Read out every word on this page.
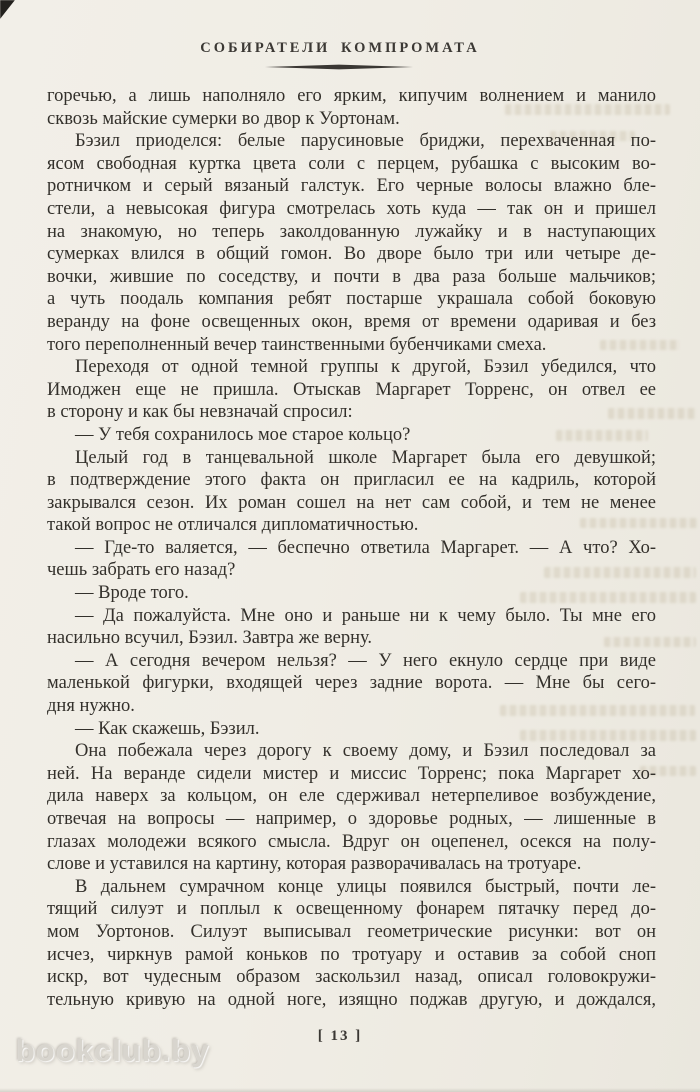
СОБИРАТЕЛИ КОМПРОМАТА
горечью, а лишь наполняло его ярким, кипучим волнением и манило
сквозь майские сумерки во двор к Уортонам.
Бэзил приоделся: белые парусиновые бриджи, перехваченная по-
ясом свободная куртка цвета соли с перцем, рубашка с высоким во-
ротничком и серый вязаный галстук. Его черные волосы влажно бле-
стели, а невысокая фигура смотрелась хоть куда — так он и пришел
на знакомую, но теперь заколдованную лужайку и в наступающих
сумерках влился в общий гомон. Во дворе было три или четыре де-
вочки, жившие по соседству, и почти в два раза больше мальчиков;
а чуть поодаль компания ребят постарше украшала собой боковую
веранду на фоне освещенных окон, время от времени одаривая и без
того переполненный вечер таинственными бубенчиками смеха.
Переходя от одной темной группы к другой, Бэзил убедился, что
Имоджен еще не пришла. Отыскав Маргарет Торренс, он отвел ее
в сторону и как бы невзначай спросил:
— У тебя сохранилось мое старое кольцо?
Целый год в танцевальной школе Маргарет была его девушкой;
в подтверждение этого факта он пригласил ее на кадриль, которой
закрывался сезон. Их роман сошел на нет сам собой, и тем не менее
такой вопрос не отличался дипломатичностью.
— Где-то валяется, — беспечно ответила Маргарет. — А что? Хо-
чешь забрать его назад?
— Вроде того.
— Да пожалуйста. Мне оно и раньше ни к чему было. Ты мне его
насильно всучил, Бэзил. Завтра же верну.
— А сегодня вечером нельзя? — У него екнуло сердце при виде
маленькой фигурки, входящей через задние ворота. — Мне бы сего-
дня нужно.
— Как скажешь, Бэзил.
Она побежала через дорогу к своему дому, и Бэзил последовал за
ней. На веранде сидели мистер и миссис Торренс; пока Маргарет хо-
дила наверх за кольцом, он еле сдерживал нетерпеливое возбуждение,
отвечая на вопросы — например, о здоровье родных, — лишенные в
глазах молодежи всякого смысла. Вдруг он оцепенел, осекся на полу-
слове и уставился на картину, которая разворачивалась на тротуаре.
В дальнем сумрачном конце улицы появился быстрый, почти ле-
тящий силуэт и поплыл к освещенному фонарем пятачку перед до-
мом Уортонов. Силуэт выписывал геометрические рисунки: вот он
исчез, чиркнув рамой коньков по тротуару и оставив за собой сноп
искр, вот чудесным образом заскользил назад, описал головокружи-
тельную кривую на одной ноге, изящно поджав другую, и дождался,
[ 13 ]
bookclub.by
